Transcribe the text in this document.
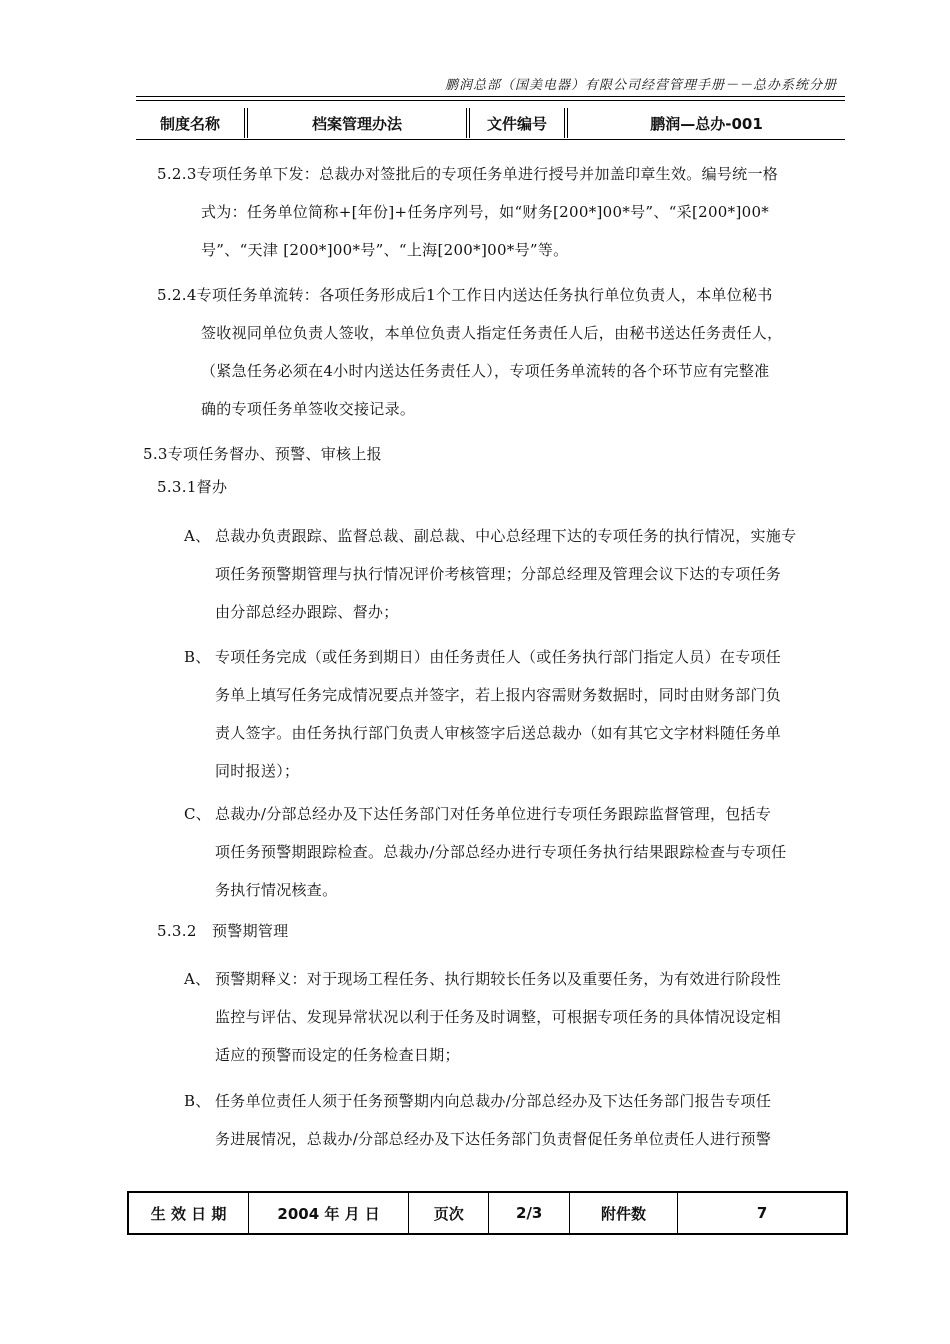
鹏润总部（国美电器）有限公司经营管理手册－－总办系统分册
制度名称	档案管理办法	文件编号	鹏润—总办-001
5.2.3专项任务单下发：总裁办对签批后的专项任务单进行授号并加盖印章生效。编号统一格
式为：任务单位简称+[年份]+任务序列号，如“财务[200*]00*号”、“采[200*]00*
号”、“天津 [200*]00*号”、“上海[200*]00*号”等。
5.2.4专项任务单流转：各项任务形成后1个工作日内送达任务执行单位负责人，本单位秘书
签收视同单位负责人签收，本单位负责人指定任务责任人后，由秘书送达任务责任人，
（紧急任务必须在4小时内送达任务责任人），专项任务单流转的各个环节应有完整准
确的专项任务单签收交接记录。
5.3专项任务督办、预警、审核上报
5.3.1督办
A、 总裁办负责跟踪、监督总裁、副总裁、中心总经理下达的专项任务的执行情况，实施专
项任务预警期管理与执行情况评价考核管理；分部总经理及管理会议下达的专项任务
由分部总经办跟踪、督办；
B、 专项任务完成（或任务到期日）由任务责任人（或任务执行部门指定人员）在专项任
务单上填写任务完成情况要点并签字，若上报内容需财务数据时，同时由财务部门负
责人签字。由任务执行部门负责人审核签字后送总裁办（如有其它文字材料随任务单
同时报送）；
C、 总裁办/分部总经办及下达任务部门对任务单位进行专项任务跟踪监督管理，包括专
项任务预警期跟踪检查。总裁办/分部总经办进行专项任务执行结果跟踪检查与专项任
务执行情况核查。
5.3.2　预警期管理
A、 预警期释义：对于现场工程任务、执行期较长任务以及重要任务，为有效进行阶段性
监控与评估、发现异常状况以利于任务及时调整，可根据专项任务的具体情况设定相
适应的预警而设定的任务检查日期；
B、 任务单位责任人须于任务预警期内向总裁办/分部总经办及下达任务部门报告专项任
务进展情况，总裁办/分部总经办及下达任务部门负责督促任务单位责任人进行预警
生 效 日 期	2004 年 月 日	页次	2/3	附件数	7
